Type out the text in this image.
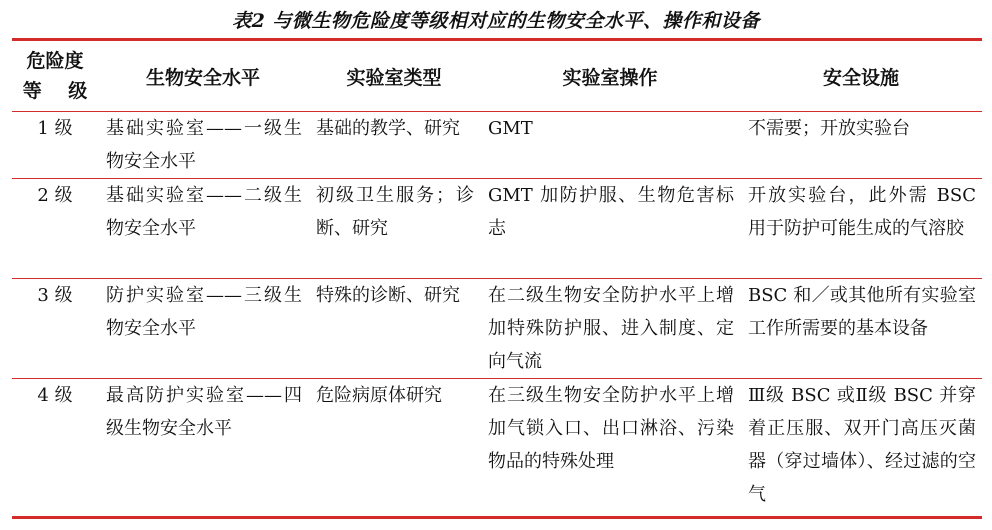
表2 与微生物危险度等级相对应的生物安全水平、操作和设备
危险度
等    级	生物安全水平	实验室类型	实验室操作	安全设施
1 级	基础实验室——一级生物安全水平	基础的教学、研究	GMT	不需要；开放实验台

2 级	基础实验室——二级生物安全水平	初级卫生服务；诊断、研究	GMT 加防护服、生物危害标志	开放实验台，此外需 BSC 用于防护可能生成的气溶胶

3 级	防护实验室——三级生物安全水平	特殊的诊断、研究	在二级生物安全防护水平上增加特殊防护服、进入制度、定向气流	BSC 和／或其他所有实验室工作所需要的基本设备

4 级	最高防护实验室——四级生物安全水平	危险病原体研究	在三级生物安全防护水平上增加气锁入口、出口淋浴、污染物品的特殊处理	Ⅲ级 BSC 或Ⅱ级 BSC 并穿着正压服、双开门高压灭菌器（穿过墙体）、经过滤的空气
